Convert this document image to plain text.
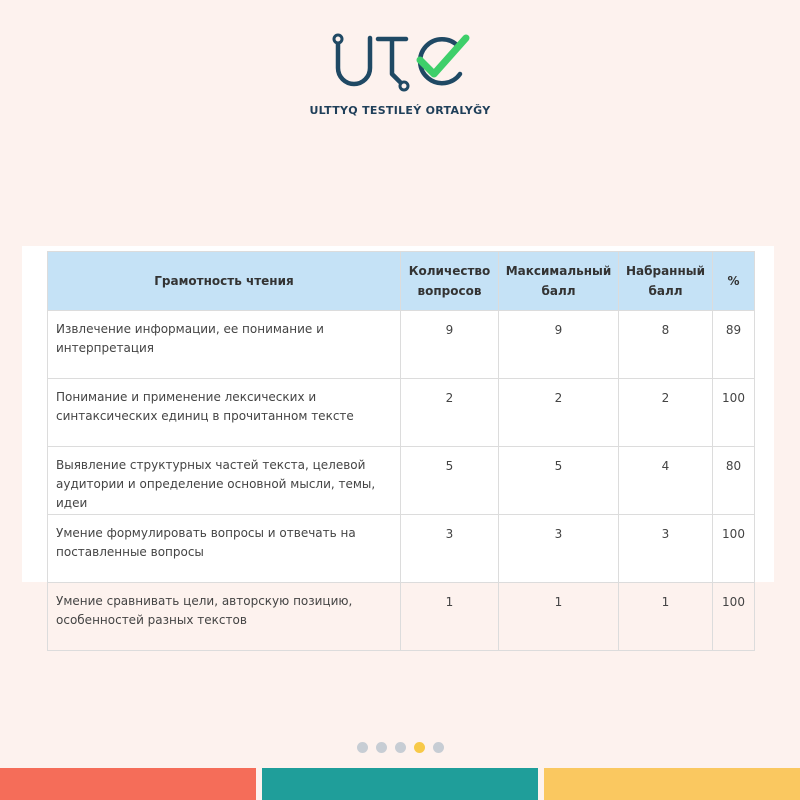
ULTTYQ TESTILEÝ ORTALYĞY
Грамотность чтения	Количество вопросов	Максимальный балл	Набранный балл	%
Извлечение информации, ее понимание и интерпретация	9	9	8	89
Понимание и применение лексических и синтаксических единиц в прочитанном тексте	2	2	2	100
Выявление структурных частей текста, целевой аудитории и определение основной мысли, темы, идеи	5	5	4	80
Умение формулировать вопросы и отвечать на поставленные вопросы	3	3	3	100
Умение сравнивать цели, авторскую позицию, особенностей разных текстов	1	1	1	100
